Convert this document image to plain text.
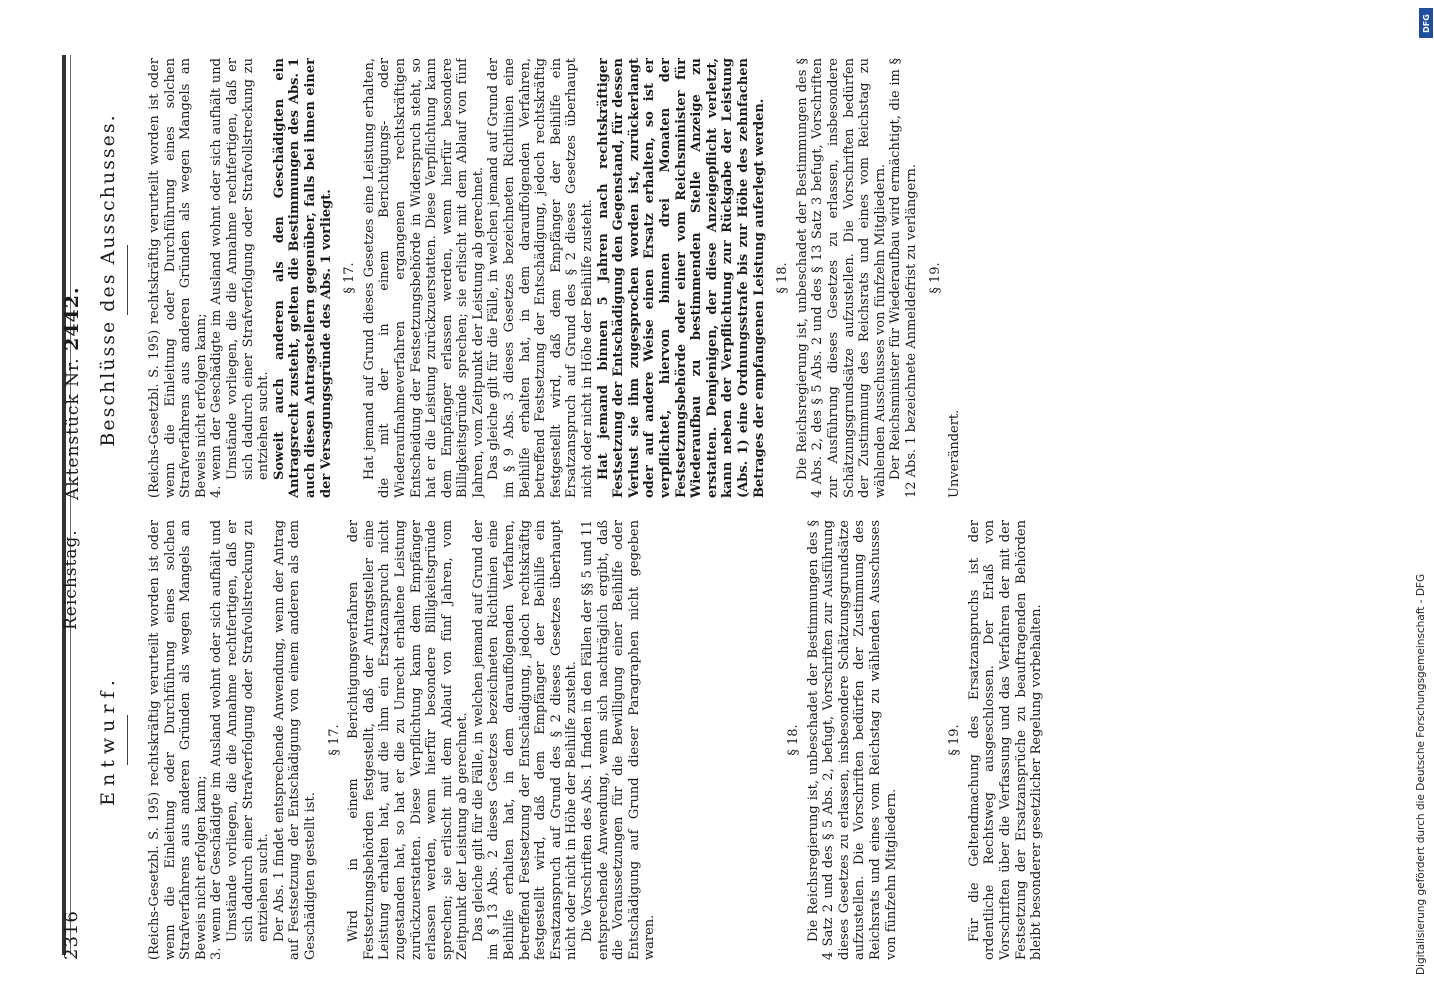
2316
Reichstag.
Aktenstück Nr. 2442.
Entwurf.
Beschlüsse des Ausschusses.

(Reichs-Gesetzbl. S. 195) rechtskräftig verurteilt worden ist oder wenn die Einleitung oder Durchführung eines solchen Strafverfahrens aus anderen Gründen als wegen Mangels an Beweis nicht erfolgen kann; 3. wenn der Geschädigte im Ausland wohnt oder sich aufhält und Umstände vorliegen, die die Annahme rechtfertigen, daß er sich dadurch einer Strafverfolgung oder Strafvollstreckung zu entziehen sucht. Der Abs. 1 findet entsprechende Anwendung, wenn der Antrag auf Festsetzung der Entschädigung von einem anderen als dem Geschädigten gestellt ist.

§ 17. Wird in einem Berichtigungsverfahren der Festsetzungsbehörden festgestellt, daß der Antragsteller eine Leistung erhalten hat, auf die ihm ein Ersatzanspruch nicht zugestanden hat, so hat er die zu Unrecht erhaltene Leistung zurückzuerstatten. Diese Verpflichtung kann dem Empfänger erlassen werden, wenn hierfür besondere Billigkeitsgründe sprechen; sie erlischt mit dem Ablauf von fünf Jahren, vom Zeitpunkt der Leistung ab gerechnet. Das gleiche gilt für die Fälle, in welchen jemand auf Grund der im § 13 Abs. 2 dieses Gesetzes bezeichneten Richtlinien eine Beihilfe erhalten hat, in dem darauffolgenden Verfahren, betreffend Festsetzung der Entschädigung, jedoch rechtskräftig festgestellt wird, daß dem Empfänger der Beihilfe ein Ersatzanspruch auf Grund des § 2 dieses Gesetzes überhaupt nicht oder nicht in Höhe der Beihilfe zusteht. Die Vorschriften des Abs. 1 finden in den Fällen der §§ 5 und 11 entsprechende Anwendung, wenn sich nachträglich ergibt, daß die Voraussetzungen für die Bewilligung einer Beihilfe oder Entschädigung auf Grund dieser Paragraphen nicht gegeben waren.

§ 18. Die Reichsregierung ist, unbeschadet der Bestimmungen des § 4 Satz 2 und des § 5 Abs. 2, befugt, Vorschriften zur Ausführung dieses Gesetzes zu erlassen, insbesondere Schätzungsgrundsätze aufzustellen. Die Vorschriften bedürfen der Zustimmung des Reichsrats und eines vom Reichstag zu wählenden Ausschusses von fünfzehn Mitgliedern.

§ 19. Für die Geltendmachung des Ersatzanspruchs ist der ordentliche Rechtsweg ausgeschlossen. Der Erlaß von Vorschriften über die Verfassung und das Verfahren der mit der Festsetzung der Ersatzansprüche zu beauftragenden Behörden bleibt besonderer gesetzlicher Regelung vorbehalten.

(Reichs-Gesetzbl. S. 195) rechtskräftig verurteilt worden ist oder wenn die Einleitung oder Durchführung eines solchen Strafverfahrens aus anderen Gründen als wegen Mangels an Beweis nicht erfolgen kann; 4. wenn der Geschädigte im Ausland wohnt oder sich aufhält und Umstände vorliegen, die die Annahme rechtfertigen, daß er sich dadurch einer Strafverfolgung oder Strafvollstreckung zu entziehen sucht. Soweit auch anderen als den Geschädigten ein Antragsrecht zusteht, gelten die Bestimmungen des Abs. 1 auch diesen Antragstellern gegenüber, falls bei ihnen einer der Versagungsgründe des Abs. 1 vorliegt. § 17. Hat jemand auf Grund dieses Gesetzes eine Leistung erhalten, die mit der in einem Berichtigungs- oder Wiederaufnahmeverfahren ergangenen rechtskräftigen Entscheidung der Festsetzungsbehörde in Widerspruch steht, so hat er die Leistung zurückzuerstatten. Diese Verpflichtung kann dem Empfänger erlassen werden, wenn hierfür besondere Billigkeitsgründe sprechen; sie erlischt mit dem Ablauf von fünf Jahren, vom Zeitpunkt der Leistung ab gerechnet. Das gleiche gilt für die Fälle, in welchen jemand auf Grund der im § 9 Abs. 3 dieses Gesetzes bezeichneten Richtlinien eine Beihilfe erhalten hat, in dem darauffolgenden Verfahren, betreffend Festsetzung der Entschädigung, jedoch rechtskräftig festgestellt wird, daß dem Empfänger der Beihilfe ein Ersatzanspruch auf Grund des § 2 dieses Gesetzes überhaupt nicht oder nicht in Höhe der Beihilfe zusteht. Hat jemand binnen 5 Jahren nach rechtskräftiger Festsetzung der Entschädigung den Gegenstand, für dessen Verlust sie ihm zugesprochen worden ist, zurückerlangt oder auf andere Weise einen Ersatz erhalten, so ist er verpflichtet, hiervon binnen drei Monaten der Festsetzungsbehörde oder einer vom Reichsminister für Wiederaufbau zu bestimmenden Stelle Anzeige zu erstatten. Demjenigen, der diese Anzeigepflicht verletzt, kann neben der Verpflichtung zur Rückgabe der Leistung (Abs. 1) eine Ordnungsstrafe bis zur Höhe des zehnfachen Betrages der empfangenen Leistung auferlegt werden. § 18. Die Reichsregierung ist, unbeschadet der Bestimmungen des § 4 Abs. 2, des § 5 Abs. 2 und des § 13 Satz 3 befugt, Vorschriften zur Ausführung dieses Gesetzes zu erlassen, insbesondere Schätzungsgrundsätze aufzustellen. Die Vorschriften bedürfen der Zustimmung des Reichsrats und eines vom Reichstag zu wählenden Ausschusses von fünfzehn Mitgliedern. Der Reichsminister für Wiederaufbau wird ermächtigt, die im § 12 Abs. 1 bezeichnete Anmeldefrist zu verlängern. § 19.

Unverändert.

DFG
Digitalisierung gefördert durch die Deutsche Forschungsgemeinschaft - DFG
